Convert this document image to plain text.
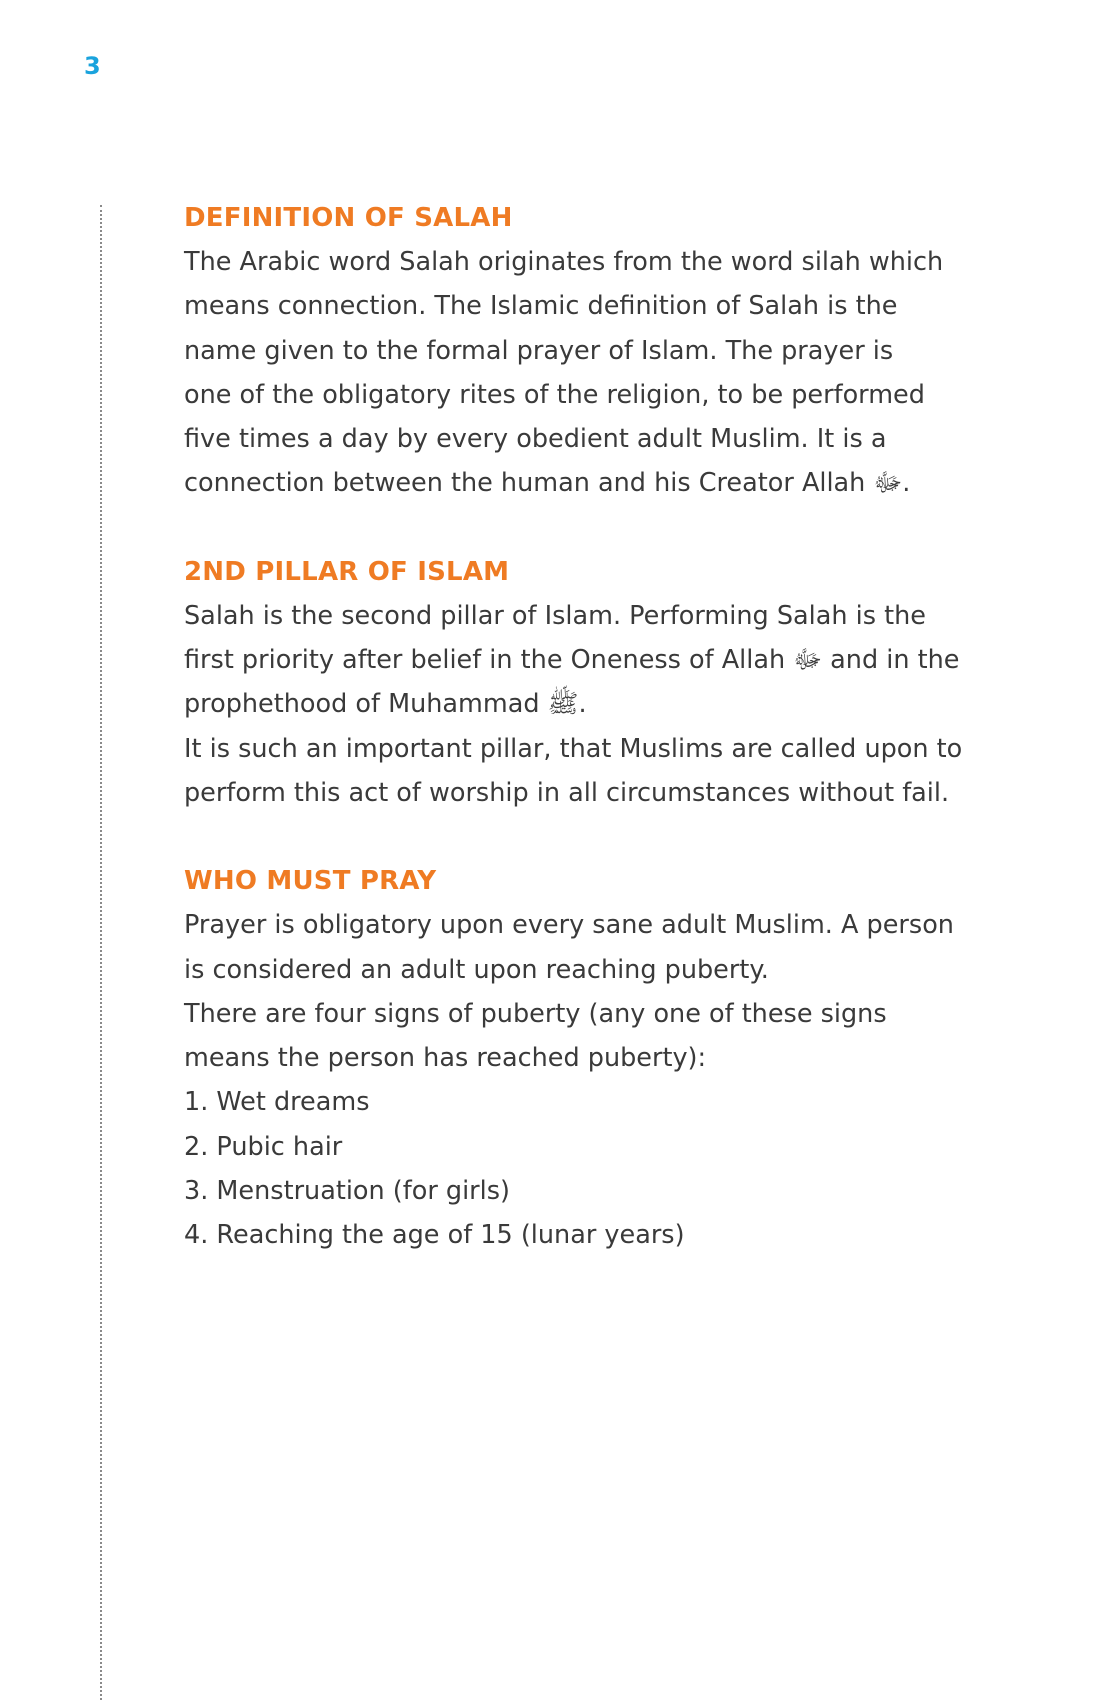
3
DEFINITION OF SALAH

The Arabic word Salah originates from the word silah which

means connection. The Islamic definition of Salah is the

name given to the formal prayer of Islam. The prayer is

one of the obligatory rites of the religion, to be performed

five times a day by every obedient adult Muslim. It is a

connection between the human and his Creator Allah ﷻ.

2ND PILLAR OF ISLAM

Salah is the second pillar of Islam. Performing Salah is the

first priority after belief in the Oneness of Allah ﷻ and in the

prophethood of Muhammad ﷺ.

It is such an important pillar, that Muslims are called upon to

perform this act of worship in all circumstances without fail.

WHO MUST PRAY

Prayer is obligatory upon every sane adult Muslim. A person

is considered an adult upon reaching puberty.

There are four signs of puberty (any one of these signs

means the person has reached puberty):

1. Wet dreams

2. Pubic hair

3. Menstruation (for girls)

4. Reaching the age of 15 (lunar years)
